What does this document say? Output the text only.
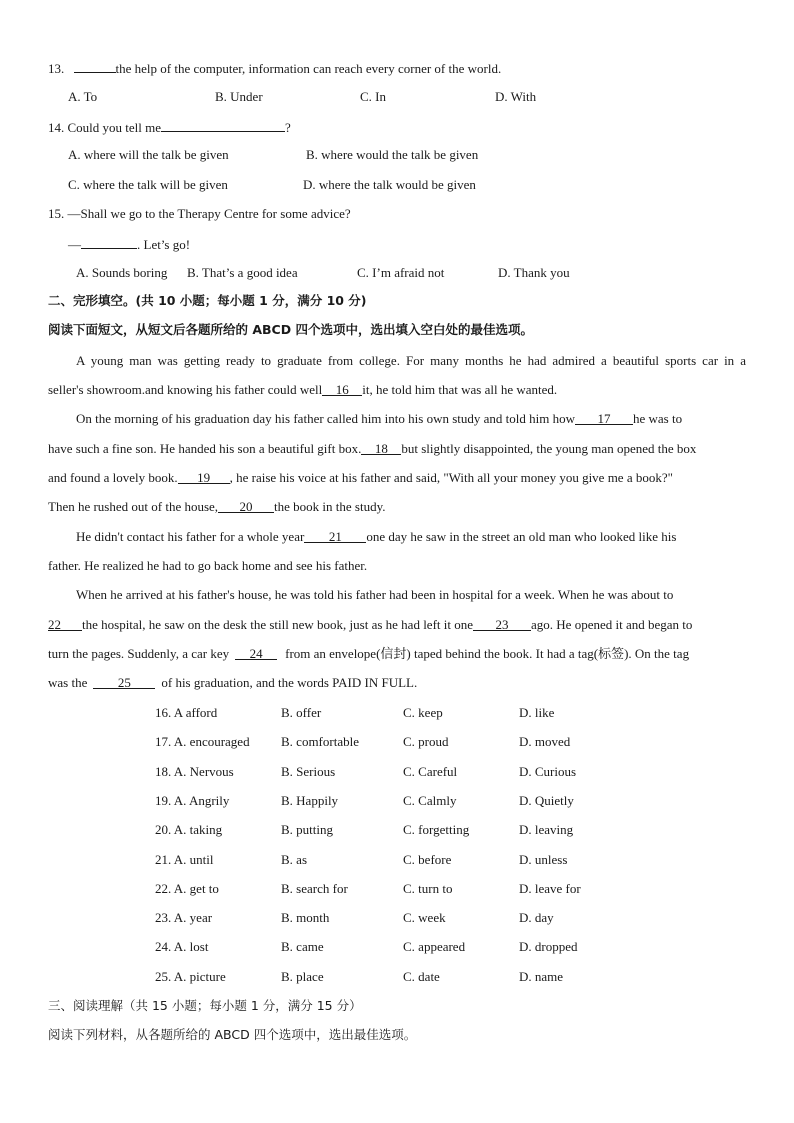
13.	the help of the computer, information can reach every corner of the world.
A. To	B. Under	C. In	D. With
14. Could you tell me	?
A. where will the talk be given	B. where would the talk be given
C. where the talk will be given	D. where the talk would be given
15. —Shall we go to the Therapy Centre for some advice?
—	. Let’s go!
A. Sounds boring B. That’s a good idea	C. I’m afraid not	D. Thank you
二、完形填空。(共 10 小题；每小题 1 分，满分 10 分)
阅读下面短文，从短文后各题所给的 ABCD 四个选项中，选出填入空白处的最佳选项。
A young man was getting ready to graduate from college. For many months he had admired a beautiful sports car in a
seller's showroom.and knowing his father could well 16 it, he told him that was all he wanted.
On the morning of his graduation day his father called him into his own study and told him how	17	he was to
have such a fine son. He handed his son a beautiful gift box. 18 but slightly disappointed, the young man opened the box
and found a lovely book. 19 , he raise his voice at his father and said, "With all your money you give me a book?"
Then he rushed out of the house, 20 the book in the study.
He didn't contact his father for a whole year 21 one day he saw in the street an old man who looked like his
father. He realized he had to go back home and see his father.
When he arrived at his father's house, he was told his father had been in hospital for a week. When he was about to
22 the hospital, he saw on the desk the still new book, just as he had left it one 23 ago. He opened it and began to
turn the pages. Suddenly, a car key 24 from an envelope(信封) taped behind the book. It had a tag(标签). On the tag
was the 25 of his graduation, and the words PAID IN FULL.
16. A afford	B. offer	C. keep	D. like
17. A. encouraged B. comfortable	C. proud	D. moved
18. A. Nervous	B. Serious	C. Careful	D. Curious
19. A. Angrily	B. Happily	C. Calmly	D. Quietly
20. A. taking	B. putting	C. forgetting	D. leaving
21. A. until	B. as	C. before	D. unless
22. A. get to	B. search for	C. turn to	D. leave for
23. A. year	B. month	C. week	D. day
24. A. lost	B. came	C. appeared	D. dropped
25. A. picture	B. place	C. date	D. name
三、阅读理解（共 15 小题；每小题 1 分，满分 15 分）
阅读下列材料，从各题所给的 ABCD 四个选项中，选出最佳选项。
